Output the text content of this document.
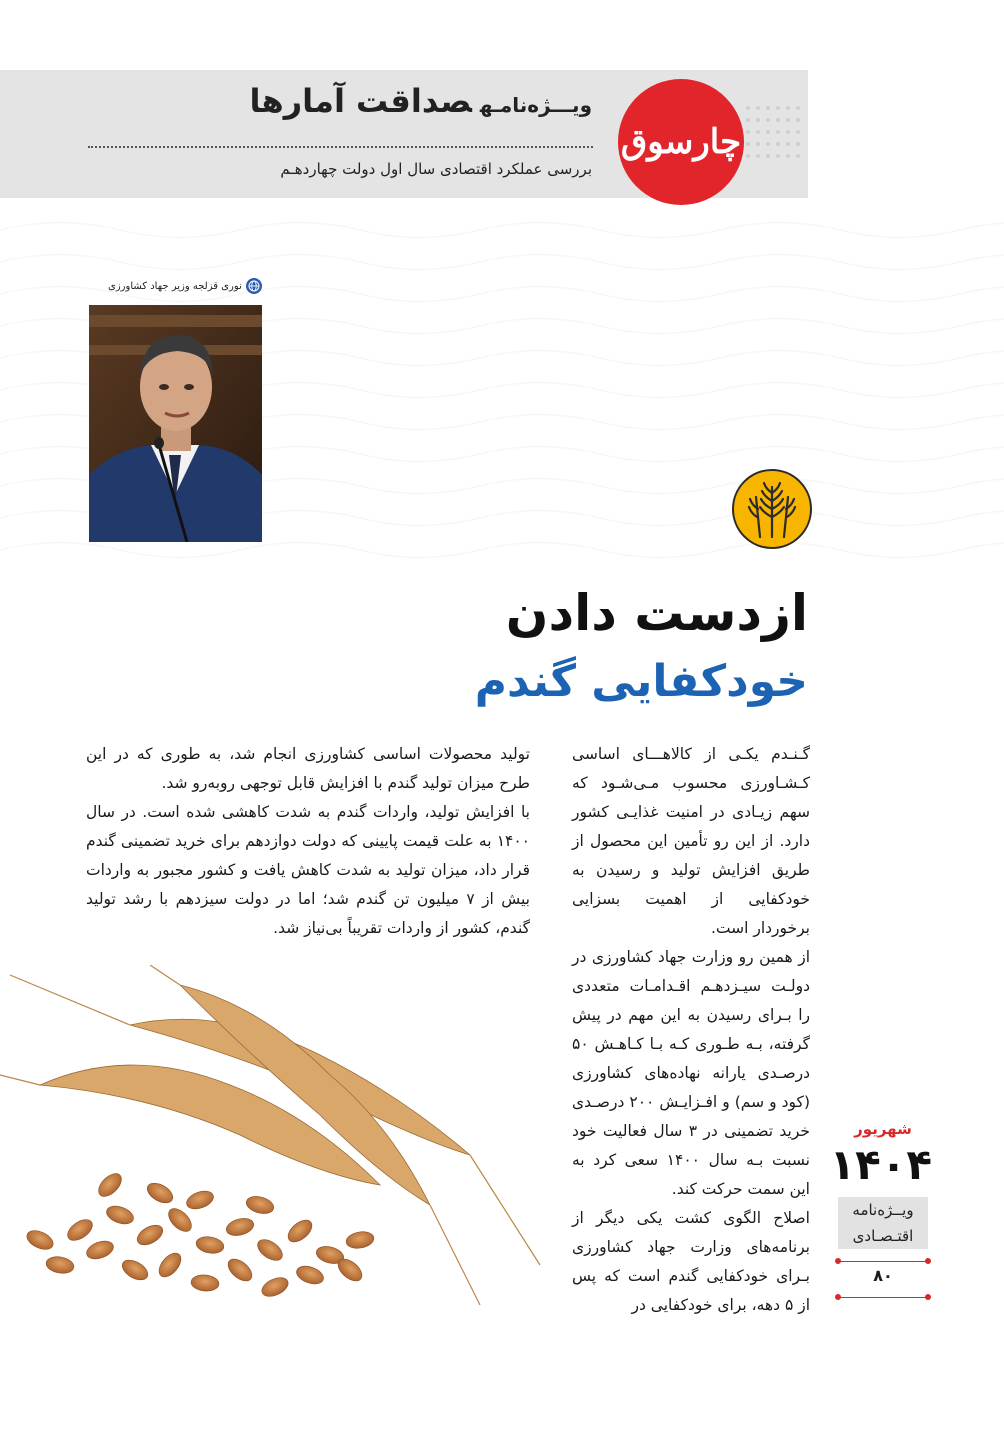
ویـــژه‌نامـهصداقت آمارها
بررسی عملکرد اقتصادی سال اول دولت چهاردهـم
چارسوق
نوری قزلجه وزیر جهاد کشاورزی
ازدست دادن
خودکفایی گندم

گـنـدم یکـی از کالاهـــای اساسی کـشـاورزی محسوب مـی‌شـود که سهم زیـادی در امنیت غذایـی کشور دارد. از این رو تأمین این محصول از طریق افزایش تولید و رسیدن به خودکفایی از اهمیت بسزایی برخوردار است.

از همین رو وزارت جهاد کشاورزی در دولـت سیـزدهـم اقـدامـات متعددی را بـرای رسیدن به این مهم در پیش گرفته، بـه طـوری کـه بـا کـاهـش ۵۰ درصـدی یارانه نهاده‌های کشاورزی (کود و سم) و افـزایـش ۲۰۰ درصـدی خرید تضمینی در ۳ سال فعالیت خود نسبت بـه سال ۱۴۰۰ سعی کرد به این سمت حرکت کند.

اصلاح الگوی کشت یکی دیگر از برنامه‌های وزارت جهاد کشاورزی بـرای خودکفایی گندم است که پس از ۵ دهه، برای خودکفایی در

تولید محصولات اساسی کشاورزی انجام شد، به طوری که در این طرح میزان تولید گندم با افزایش قابل توجهی روبه‌رو شد.

با افزایش تولید، واردات گندم به شدت کاهشی شده است. در سال ۱۴۰۰ به علت قیمت پایینی که دولت دوازدهم برای خرید تضمینی گندم قرار داد، میزان تولید به شدت کاهش یافت و کشور مجبور به واردات بیش از ۷ میلیون تن گندم شد؛ اما در دولت سیزدهم با رشد تولید گندم، کشور از واردات تقریباً بی‌نیاز شد.

شهریور
۱۴۰۴
ویــژه‌نامه
اقتـصـادی
۸۰
